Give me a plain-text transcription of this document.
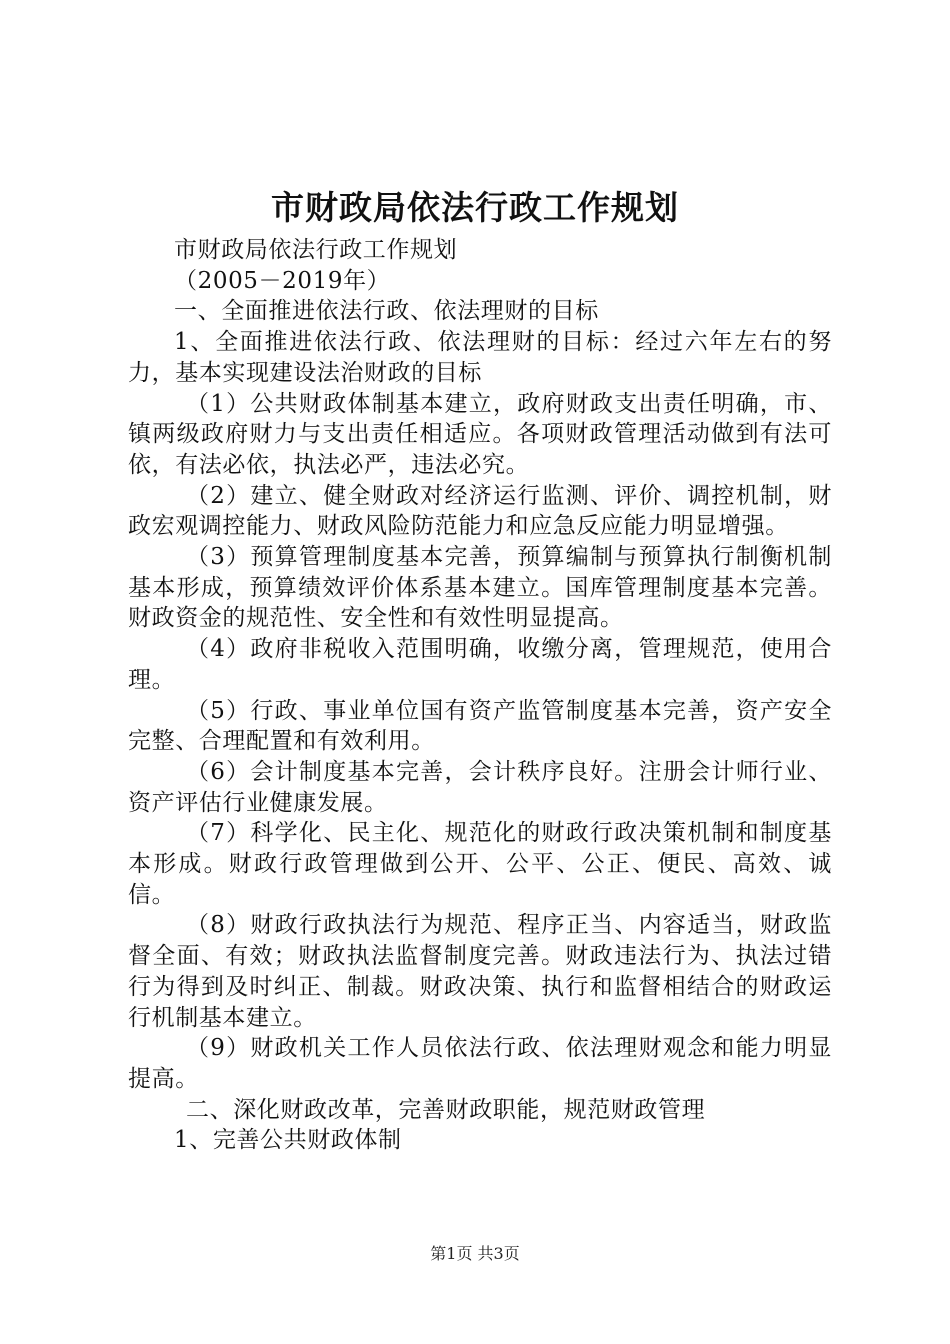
市财政局依法行政工作规划

市财政局依法行政工作规划

（2005－2019年）

一、全面推进依法行政、依法理财的目标

1、全面推进依法行政、依法理财的目标：经过六年左右的努力，基本实现建设法治财政的目标

（1）公共财政体制基本建立，政府财政支出责任明确，市、镇两级政府财力与支出责任相适应。各项财政管理活动做到有法可依，有法必依，执法必严，违法必究。

（2）建立、健全财政对经济运行监测、评价、调控机制，财政宏观调控能力、财政风险防范能力和应急反应能力明显增强。

（3）预算管理制度基本完善，预算编制与预算执行制衡机制基本形成，预算绩效评价体系基本建立。国库管理制度基本完善。财政资金的规范性、安全性和有效性明显提高。

（4）政府非税收入范围明确，收缴分离，管理规范，使用合理。

（5）行政、事业单位国有资产监管制度基本完善，资产安全完整、合理配置和有效利用。

（6）会计制度基本完善，会计秩序良好。注册会计师行业、资产评估行业健康发展。

（7）科学化、民主化、规范化的财政行政决策机制和制度基本形成。财政行政管理做到公开、公平、公正、便民、高效、诚信。

（8）财政行政执法行为规范、程序正当、内容适当，财政监督全面、有效；财政执法监督制度完善。财政违法行为、执法过错行为得到及时纠正、制裁。财政决策、执行和监督相结合的财政运行机制基本建立。

（9）财政机关工作人员依法行政、依法理财观念和能力明显提高。

二、深化财政改革，完善财政职能，规范财政管理

1、完善公共财政体制

第1页 共3页
